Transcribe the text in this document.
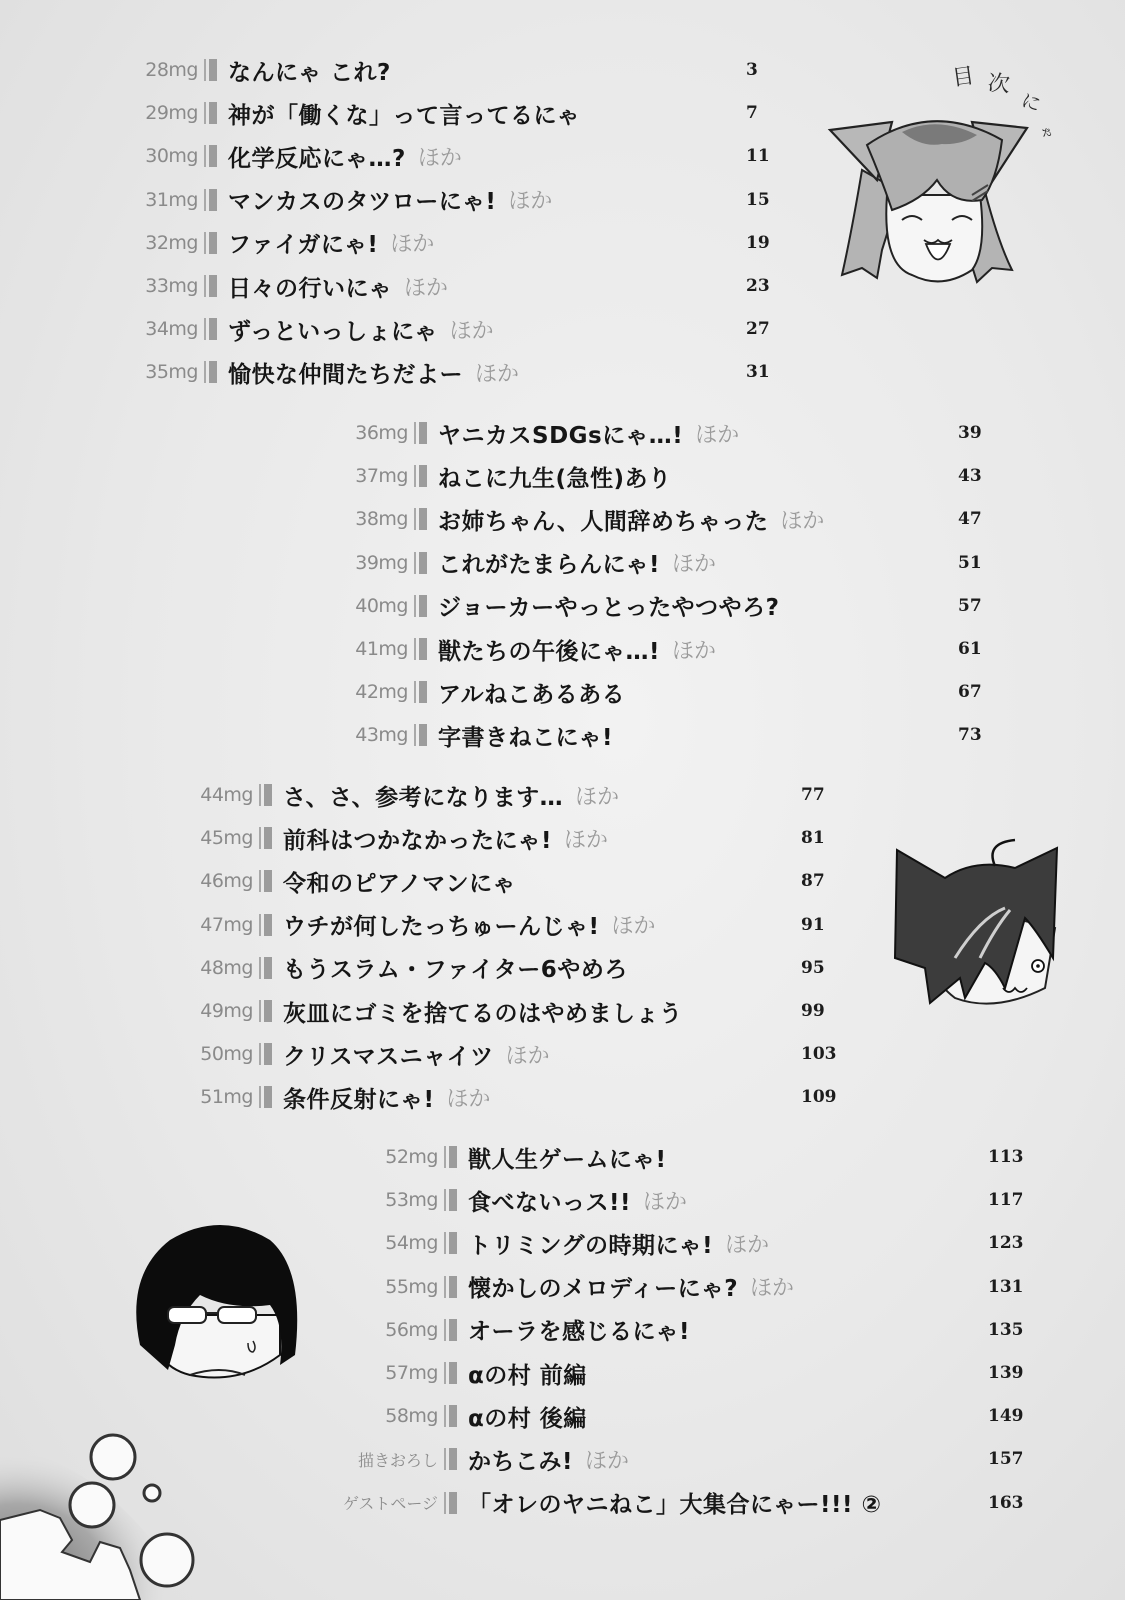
目 次
に
ゃ
28mg なんにゃ これ?	3
29mg 神が「働くな」って言ってるにゃ	7
30mg 化学反応にゃ…? ほか	11
31mg マンカスのタツローにゃ! ほか	15
32mg ファイガにゃ! ほか	19
33mg 日々の行いにゃ ほか	23
34mg ずっといっしょにゃ ほか	27
35mg 愉快な仲間たちだよー ほか	31
36mg ヤニカスSDGsにゃ…! ほか	39
37mg ねこに九生(急性)あり	43
38mg お姉ちゃん、人間辞めちゃった ほか	47
39mg これがたまらんにゃ! ほか	51
40mg ジョーカーやっとったやつやろ?	57
41mg 獣たちの午後にゃ…! ほか	61
42mg アルねこあるある	67
43mg 字書きねこにゃ!	73
44mg さ、さ、参考になります… ほか	77
45mg 前科はつかなかったにゃ! ほか	81
46mg 令和のピアノマンにゃ	87
47mg ウチが何したっちゅーんじゃ! ほか	91
48mg もうスラム・ファイター6やめろ	95
49mg 灰皿にゴミを捨てるのはやめましょう	99
50mg クリスマスニャイツ ほか	103
51mg 条件反射にゃ! ほか	109
52mg 獣人生ゲームにゃ!	113
53mg 食べないっス!! ほか	117
54mg トリミングの時期にゃ! ほか	123
55mg 懐かしのメロディーにゃ? ほか	131
56mg オーラを感じるにゃ!	135
57mg αの村 前編	139
58mg αの村 後編	149
描きおろし かちこみ! ほか	157
ゲストページ 「オレのヤニねこ」大集合にゃー!!! ②	163
